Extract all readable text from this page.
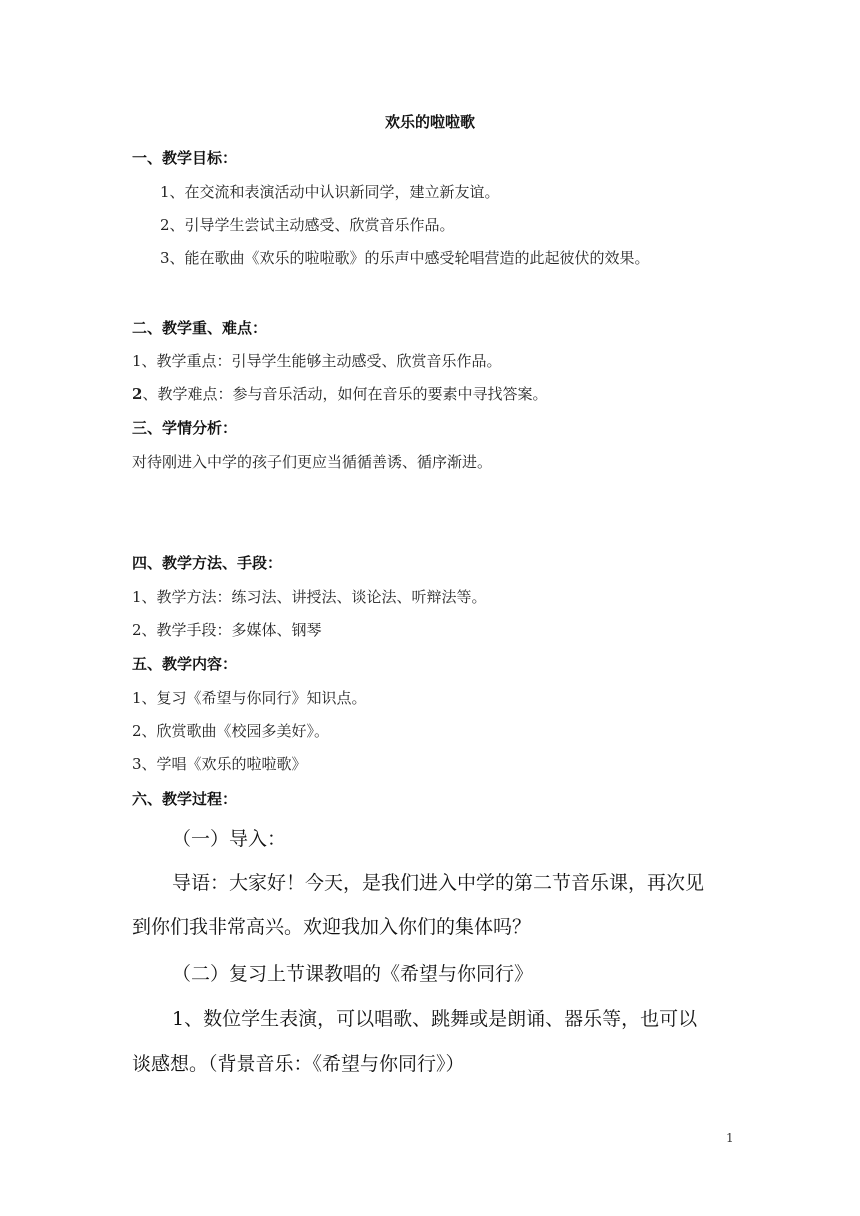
欢乐的啦啦歌
一、教学目标：
1、在交流和表演活动中认识新同学，建立新友谊。
2、引导学生尝试主动感受、欣赏音乐作品。
3、能在歌曲《欢乐的啦啦歌》的乐声中感受轮唱营造的此起彼伏的效果。
二、教学重、难点：
1、教学重点：引导学生能够主动感受、欣赏音乐作品。
2、教学难点：参与音乐活动，如何在音乐的要素中寻找答案。
三、学情分析：
对待刚进入中学的孩子们更应当循循善诱、循序渐进。
四、教学方法、手段：
1、教学方法：练习法、讲授法、谈论法、听辩法等。
2、教学手段：多媒体、钢琴
五、教学内容：
1、复习《希望与你同行》知识点。
2、欣赏歌曲《校园多美好》。
3、学唱《欢乐的啦啦歌》
六、教学过程：
（一）导入：
导语：大家好！今天，是我们进入中学的第二节音乐课，再次见
到你们我非常高兴。欢迎我加入你们的集体吗？
（二）复习上节课教唱的《希望与你同行》
1、数位学生表演，可以唱歌、跳舞或是朗诵、器乐等，也可以
谈感想。（背景音乐：《希望与你同行》）
1
